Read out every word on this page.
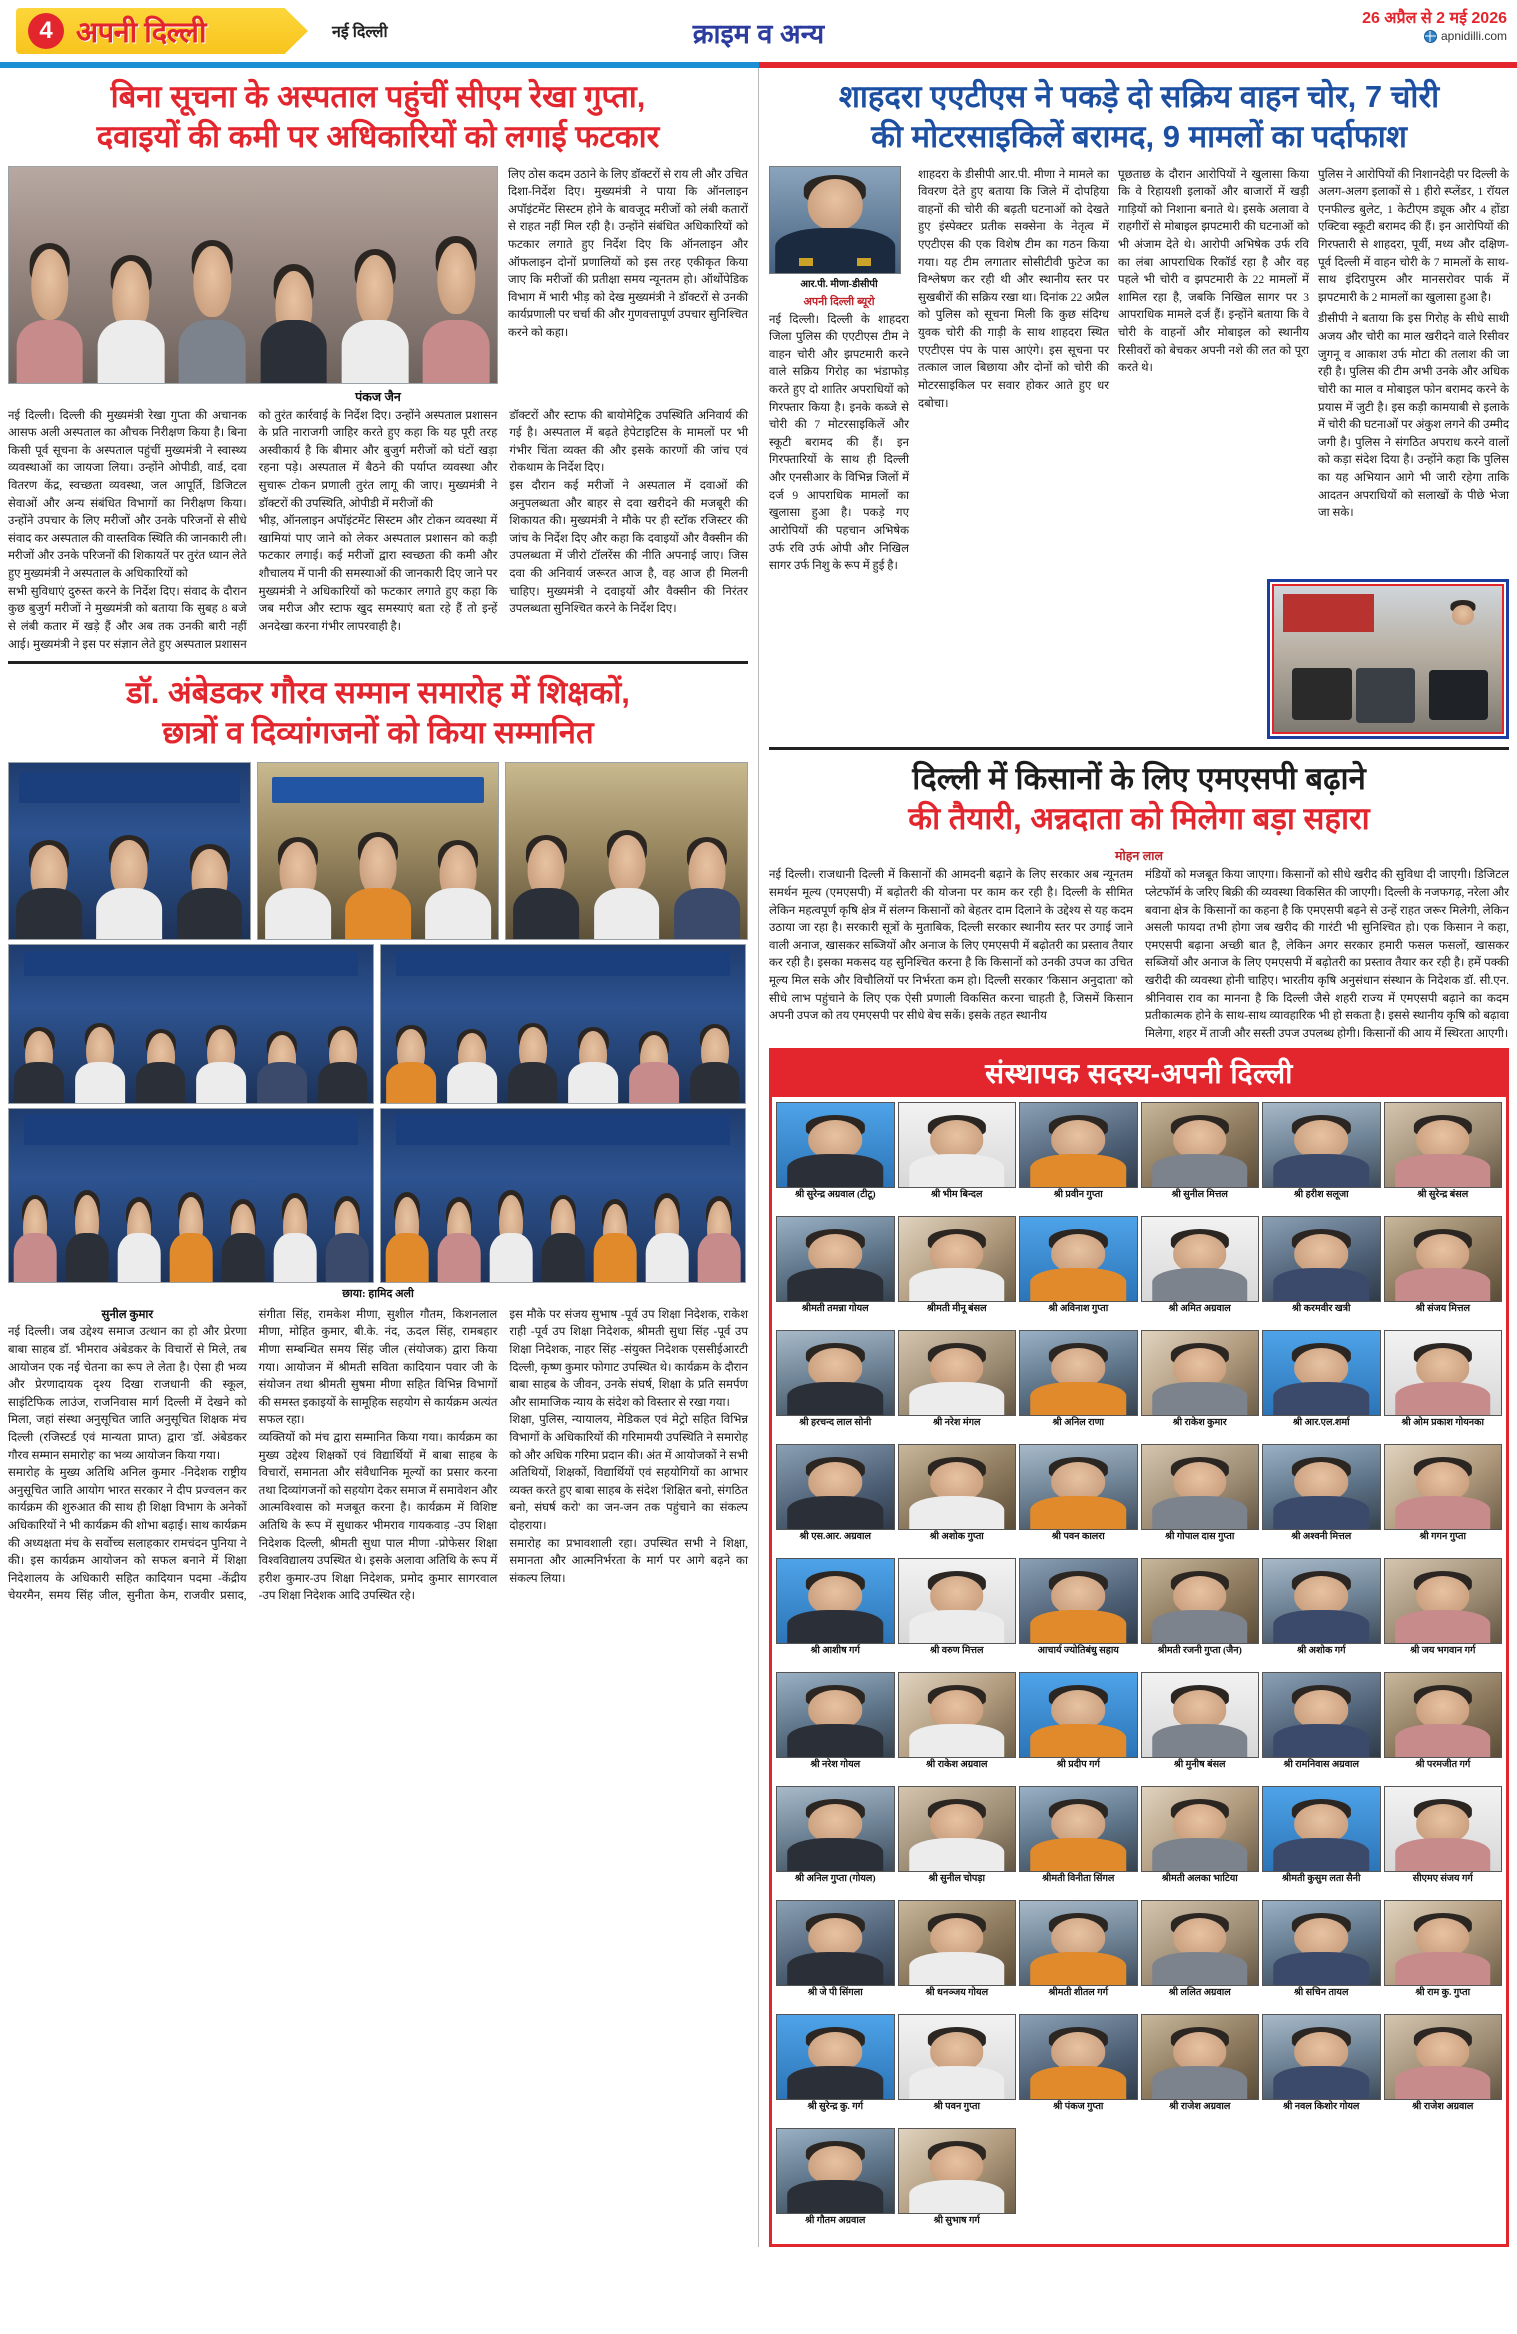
4 अपनी दिल्ली	नई दिल्ली	क्राइम व अन्य
26 अप्रैल से 2 मई 2026
apnidilli.com
बिना सूचना के अस्पताल पहुंचीं सीएम रेखा गुप्ता,
दवाइयों की कमी पर अधिकारियों को लगाई फटकार

लिए ठोस कदम उठाने के लिए डॉक्टरों से राय ली और उचित दिशा-निर्देश दिए। मुख्यमंत्री ने पाया कि ऑनलाइन अपॉइंटमेंट सिस्टम होने के बावजूद मरीजों को लंबी कतारों से राहत नहीं मिल रही है। उन्होंने संबंधित अधिकारियों को फटकार लगाते हुए निर्देश दिए कि ऑनलाइन और ऑफलाइन दोनों प्रणालियों को इस तरह एकीकृत किया जाए कि मरीजों की प्रतीक्षा समय न्यूनतम हो। ऑर्थोपेडिक विभाग में भारी भीड़ को देख मुख्यमंत्री ने डॉक्टरों से उनकी कार्यप्रणाली पर चर्चा की और गुणवत्तापूर्ण उपचार सुनिश्चित करने को कहा।

पंकज जैन

नई दिल्ली। दिल्ली की मुख्यमंत्री रेखा गुप्ता की अचानक आसफ अली अस्पताल का औचक निरीक्षण किया है। बिना किसी पूर्व सूचना के अस्पताल पहुंचीं मुख्यमंत्री ने स्वास्थ्य व्यवस्थाओं का जायजा लिया। उन्होंने ओपीडी, वार्ड, दवा वितरण केंद्र, स्वच्छता व्यवस्था, जल आपूर्ति, डिजिटल सेवाओं और अन्य संबंधित विभागों का निरीक्षण किया। उन्होंने उपचार के लिए मरीजों और उनके परिजनों से सीधे संवाद कर अस्पताल की वास्तविक स्थिति की जानकारी ली। मरीजों और उनके परिजनों की शिकायतें पर तुरंत ध्यान लेते हुए मुख्यमंत्री ने अस्पताल के अधिकारियों को

सभी सुविधाएं दुरुस्त करने के निर्देश दिए। संवाद के दौरान कुछ बुजुर्ग मरीजों ने मुख्यमंत्री को बताया कि सुबह 8 बजे से लंबी कतार में खड़े हैं और अब तक उनकी बारी नहीं आई। मुख्यमंत्री ने इस पर संज्ञान लेते हुए अस्पताल प्रशासन को तुरंत कार्रवाई के निर्देश दिए। उन्होंने अस्पताल प्रशासन के प्रति नाराजगी जाहिर करते हुए कहा कि यह पूरी तरह अस्वीकार्य है कि बीमार और बुजुर्ग मरीजों को घंटों खड़ा रहना पड़े। अस्पताल में बैठने की पर्याप्त व्यवस्था और सुचारू टोकन प्रणाली तुरंत लागू की जाए। मुख्यमंत्री ने डॉक्टरों की उपस्थिति, ओपीडी में मरीजों की

भीड़, ऑनलाइन अपॉइंटमेंट सिस्टम और टोकन व्यवस्था में खामियां पाए जाने को लेकर अस्पताल प्रशासन को कड़ी फटकार लगाई। कई मरीजों द्वारा स्वच्छता की कमी और शौचालय में पानी की समस्याओं की जानकारी दिए जाने पर मुख्यमंत्री ने अधिकारियों को फटकार लगाते हुए कहा कि जब मरीज और स्टाफ खुद समस्याएं बता रहे हैं तो इन्हें अनदेखा करना गंभीर लापरवाही है।

डॉक्टरों और स्टाफ की बायोमेट्रिक उपस्थिति अनिवार्य की गई है। अस्पताल में बढ़ते हेपेटाइटिस के मामलों पर भी गंभीर चिंता व्यक्त की और इसके कारणों की जांच एवं रोकथाम के निर्देश दिए।

इस दौरान कई मरीजों ने अस्पताल में दवाओं की अनुपलब्धता और बाहर से दवा खरीदने की मजबूरी की शिकायत की। मुख्यमंत्री ने मौके पर ही स्टॉक रजिस्टर की जांच के निर्देश दिए और कहा कि दवाइयों और वैक्सीन की उपलब्धता में जीरो टॉलरेंस की नीति अपनाई जाए। जिस दवा की अनिवार्य जरूरत आज है, वह आज ही मिलनी चाहिए। मुख्यमंत्री ने दवाइयों और वैक्सीन की निरंतर उपलब्धता सुनिश्चित करने के निर्देश दिए।

डॉ. अंबेडकर गौरव सम्मान समारोह में शिक्षकों,
छात्रों व दिव्यांगजनों को किया सम्मानित
छाया: हामिद अली

सुनील कुमार

नई दिल्ली। जब उद्देश्य समाज उत्थान का हो और प्रेरणा बाबा साहब डॉ. भीमराव अंबेडकर के विचारों से मिले, तब आयोजन एक नई चेतना का रूप ले लेता है। ऐसा ही भव्य और प्रेरणादायक दृश्य दिखा राजधानी की स्कूल, साइंटिफिक लाउंज, राजनिवास मार्ग दिल्ली में देखने को मिला, जहां संस्था अनुसूचित जाति अनुसूचित शिक्षक मंच दिल्ली (रजिस्टर्ड एवं मान्यता प्राप्त) द्वारा 'डॉ. अंबेडकर गौरव सम्मान समारोह' का भव्य आयोजन किया गया।

समारोह के मुख्य अतिथि अनिल कुमार -निदेशक राष्ट्रीय अनुसूचित जाति आयोग भारत सरकार ने दीप प्रज्वलन कर कार्यक्रम की शुरुआत की साथ ही शिक्षा विभाग के अनेकों अधिकारियों ने भी कार्यक्रम की शोभा बढ़ाई। साथ कार्यक्रम की अध्यक्षता मंच के सर्वोच्च सलाहकार रामचंदन पुनिया ने की। इस कार्यक्रम आयोजन को सफल बनाने में शिक्षा निदेशालय के अधिकारी सहित कादियान पदमा -केंद्रीय चेयरमैन, समय सिंह जील, सुनीता केम, राजवीर प्रसाद, संगीता सिंह, रामकेश मीणा, सुशील गौतम, किशनलाल मीणा, मोहित कुमार, बी.के. नंद, ऊदल सिंह, रामबहार मीणा सम्बन्धित समय सिंह जील (संयोजक) द्वारा किया गया। आयोजन में श्रीमती सविता कादियान पवार जी के संयोजन तथा श्रीमती सुषमा मीणा सहित विभिन्न विभागों की समस्त इकाइयों के सामूहिक सहयोग से कार्यक्रम अत्यंत सफल रहा।

व्यक्तियों को मंच द्वारा सम्मानित किया गया। कार्यक्रम का मुख्य उद्देश्य शिक्षकों एवं विद्यार्थियों में बाबा साहब के विचारों, समानता और संवैधानिक मूल्यों का प्रसार करना तथा दिव्यांगजनों को सहयोग देकर समाज में समावेशन और आत्मविश्वास को मजबूत करना है। कार्यक्रम में विशिष्ट अतिथि के रूप में सुधाकर भीमराव गायकवाड़ -उप शिक्षा निदेशक दिल्ली, श्रीमती सुधा पाल मीणा -प्रोफेसर शिक्षा विश्वविद्यालय उपस्थित थे। इसके अलावा अतिथि के रूप में हरीश कुमार-उप शिक्षा निदेशक, प्रमोद कुमार सागरवाल -उप शिक्षा निदेशक आदि उपस्थित रहे।

इस मौके पर संजय सुभाष -पूर्व उप शिक्षा निदेशक, राकेश राही -पूर्व उप शिक्षा निदेशक, श्रीमती सुधा सिंह -पूर्व उप शिक्षा निदेशक, नाहर सिंह -संयुक्त निदेशक एससीईआरटी दिल्ली, कृष्ण कुमार फोगाट उपस्थित थे। कार्यक्रम के दौरान बाबा साहब के जीवन, उनके संघर्ष, शिक्षा के प्रति समर्पण और सामाजिक न्याय के संदेश को विस्तार से रखा गया।

शिक्षा, पुलिस, न्यायालय, मेडिकल एवं मेट्रो सहित विभिन्न विभागों के अधिकारियों की गरिमामयी उपस्थिति ने समारोह को और अधिक गरिमा प्रदान की। अंत में आयोजकों ने सभी अतिथियों, शिक्षकों, विद्यार्थियों एवं सहयोगियों का आभार व्यक्त करते हुए बाबा साहब के संदेश 'शिक्षित बनो, संगठित बनो, संघर्ष करो' का जन-जन तक पहुंचाने का संकल्प दोहराया।

समारोह का प्रभावशाली रहा। उपस्थित सभी ने शिक्षा, समानता और आत्मनिर्भरता के मार्ग पर आगे बढ़ने का संकल्प लिया।

शाहदरा एएटीएस ने पकड़े दो सक्रिय वाहन चोर, 7 चोरी
की मोटरसाइकिलें बरामद, 9 मामलों का पर्दाफाश
आर.पी. मीणा-डीसीपी
अपनी दिल्ली ब्यूरो

नई दिल्ली। दिल्ली के शाहदरा जिला पुलिस की एएटीएस टीम ने वाहन चोरी और झपटमारी करने वाले सक्रिय गिरोह का भंडाफोड़ करते हुए दो शातिर अपराधियों को गिरफ्तार किया है। इनके कब्जे से चोरी की 7 मोटरसाइकिलें और स्कूटी बरामद की हैं। इन गिरफ्तारियों के साथ ही दिल्ली और एनसीआर के विभिन्न जिलों में दर्ज 9 आपराधिक मामलों का खुलासा हुआ है। पकड़े गए आरोपियों की पहचान अभिषेक उर्फ रवि उर्फ ओपी और निखिल सागर उर्फ निशु के रूप में हुई है।

शाहदरा के डीसीपी आर.पी. मीणा ने मामले का विवरण देते हुए बताया कि जिले में दोपहिया वाहनों की चोरी की बढ़ती घटनाओं को देखते हुए इंस्पेक्टर प्रतीक सक्सेना के नेतृत्व में एएटीएस की एक विशेष टीम का गठन किया गया। यह टीम लगातार सोसीटीवी फुटेज का विश्लेषण कर रही थी और स्थानीय स्तर पर सुखबीरों की सक्रिय रखा था। दिनांक 22 अप्रैल को पुलिस को सूचना मिली कि कुछ संदिग्ध युवक चोरी की गाड़ी के साथ शाहदरा स्थित एएटीएस पंप के पास आएंगे। इस सूचना पर तत्काल जाल बिछाया और दोनों को चोरी की मोटरसाइकिल पर सवार होकर आते हुए धर दबोचा।

पूछताछ के दौरान आरोपियों ने खुलासा किया कि वे रिहायशी इलाकों और बाजारों में खड़ी गाड़ियों को निशाना बनाते थे। इसके अलावा वे राहगीरों से मोबाइल झपटमारी की घटनाओं को भी अंजाम देते थे। आरोपी अभिषेक उर्फ रवि का लंबा आपराधिक रिकॉर्ड रहा है और वह पहले भी चोरी व झपटमारी के 22 मामलों में शामिल रहा है, जबकि निखिल सागर पर 3 आपराधिक मामले दर्ज हैं। इन्होंने बताया कि वे चोरी के वाहनों और मोबाइल को स्थानीय रिसीवरों को बेचकर अपनी नशे की लत को पूरा करते थे।

पुलिस ने आरोपियों की निशानदेही पर दिल्ली के अलग-अलग इलाकों से 1 हीरो स्प्लेंडर, 1 रॉयल एनफील्ड बुलेट, 1 केटीएम ड्यूक और 4 होंडा एक्टिवा स्कूटी बरामद की हैं। इन आरोपियों की गिरफ्तारी से शाहदरा, पूर्वी, मध्य और दक्षिण-पूर्व दिल्ली में वाहन चोरी के 7 मामलों के साथ-साथ इंदिरापुरम और मानसरोवर पार्क में झपटमारी के 2 मामलों का खुलासा हुआ है।

डीसीपी ने बताया कि इस गिरोह के सीधे साथी अजय और चोरी का माल खरीदने वाले रिसीवर जुगनू व आकाश उर्फ मोटा की तलाश की जा रही है। पुलिस की टीम अभी उनके और अधिक चोरी का माल व मोबाइल फोन बरामद करने के प्रयास में जुटी है। इस कड़ी कामयाबी से इलाके में चोरी की घटनाओं पर अंकुश लगने की उम्मीद जगी है। पुलिस ने संगठित अपराध करने वालों को कड़ा संदेश दिया है। उन्होंने कहा कि पुलिस का यह अभियान आगे भी जारी रहेगा ताकि आदतन अपराधियों को सलाखों के पीछे भेजा जा सके।

दिल्ली में किसानों के लिए एमएसपी बढ़ाने
की तैयारी, अन्नदाता को मिलेगा बड़ा सहारा
मोहन लाल

नई दिल्ली। राजधानी दिल्ली में किसानों की आमदनी बढ़ाने के लिए सरकार अब न्यूनतम समर्थन मूल्य (एमएसपी) में बढ़ोतरी की योजना पर काम कर रही है। दिल्ली के सीमित लेकिन महत्वपूर्ण कृषि क्षेत्र में संलग्न किसानों को बेहतर दाम दिलाने के उद्देश्य से यह कदम उठाया जा रहा है। सरकारी सूत्रों के मुताबिक, दिल्ली सरकार स्थानीय स्तर पर उगाई जाने वाली अनाज, खासकर सब्जियों और अनाज के लिए एमएसपी में बढ़ोतरी का प्रस्ताव तैयार कर रही है। इसका मकसद यह सुनिश्चित करना है कि किसानों को उनकी उपज का उचित मूल्य मिल सके और विचौलियों पर निर्भरता कम हो। दिल्ली सरकार 'किसान अनुदाता' को सीधे लाभ पहुंचाने के लिए एक ऐसी प्रणाली विकसित करना चाहती है, जिसमें किसान अपनी उपज को तय एमएसपी पर सीधे बेच सकें। इसके तहत स्थानीय

मंडियों को मजबूत किया जाएगा। किसानों को सीधे खरीद की सुविधा दी जाएगी। डिजिटल प्लेटफॉर्म के जरिए बिक्री की व्यवस्था विकसित की जाएगी। दिल्ली के नजफगढ़, नरेला और बवाना क्षेत्र के किसानों का कहना है कि एमएसपी बढ़ने से उन्हें राहत जरूर मिलेगी, लेकिन असली फायदा तभी होगा जब खरीद की गारंटी भी सुनिश्चित हो। एक किसान ने कहा, एमएसपी बढ़ाना अच्छी बात है, लेकिन अगर सरकार हमारी फसल फसलों, खासकर सब्जियों और अनाज के लिए एमएसपी में बढ़ोतरी का प्रस्ताव तैयार कर रही है। हमें पक्की खरीदी की व्यवस्था होनी चाहिए। भारतीय कृषि अनुसंधान संस्थान के निदेशक डॉ. सी.एन. श्रीनिवास राव का मानना है कि दिल्ली जैसे शहरी राज्य में एमएसपी बढ़ाने का कदम प्रतीकात्मक होने के साथ-साथ व्यावहारिक भी हो सकता है। इससे स्थानीय कृषि को बढ़ावा मिलेगा, शहर में ताजी और सस्ती उपज उपलब्ध होगी। किसानों की आय में स्थिरता आएगी।

संस्थापक सदस्य-अपनी दिल्ली
श्री सुरेन्द्र अग्रवाल (टीटू)	श्री भीम बिन्दल	श्री प्रवीन गुप्ता	श्री सुनील मित्तल	श्री हरीश सलूजा	श्री सुरेन्द्र बंसल
श्रीमती तमन्ना गोयल	श्रीमती मीनू बंसल	श्री अविनाश गुप्ता	श्री अमित अग्रवाल	श्री करमवीर खत्री	श्री संजय मित्तल
श्री हरचन्द लाल सोनी	श्री नरेश मंगल	श्री अनिल राणा	श्री राकेश कुमार	श्री आर.एल.शर्मा	श्री ओम प्रकाश गोयनका
श्री एस.आर. अग्रवाल	श्री अशोक गुप्ता	श्री पवन कालरा	श्री गोपाल दास गुप्ता	श्री अश्वनी मित्तल	श्री गगन गुप्ता
श्री आशीष गर्ग	श्री वरुण मित्तल	आचार्य ज्योतिबंधु सहाय	श्रीमती रजनी गुप्ता (जैन)	श्री अशोक गर्ग	श्री जय भगवान गर्ग
श्री नरेश गोयल	श्री राकेश अग्रवाल	श्री प्रदीप गर्ग	श्री मुनीष बंसल	श्री रामनिवास अग्रवाल	श्री परमजीत गर्ग
श्री अनिल गुप्ता (गोयल)	श्री सुनील चोपड़ा	श्रीमती विनीता सिंगल	श्रीमती अलका भाटिया	श्रीमती कुसुम लता सैनी	सीएमए संजय गर्ग
श्री जे पी सिंगला	श्री धनञ्जय गोयल	श्रीमती शीतल गर्ग	श्री ललित अग्रवाल	श्री सचिन तायल	श्री राम कु. गुप्ता
श्री सुरेन्द्र कु. गर्ग	श्री पवन गुप्ता	श्री पंकज गुप्ता	श्री राजेश अग्रवाल	श्री नवल किशोर गोयल	श्री राजेश अग्रवाल
श्री गौतम अग्रवाल	श्री सुभाष गर्ग
